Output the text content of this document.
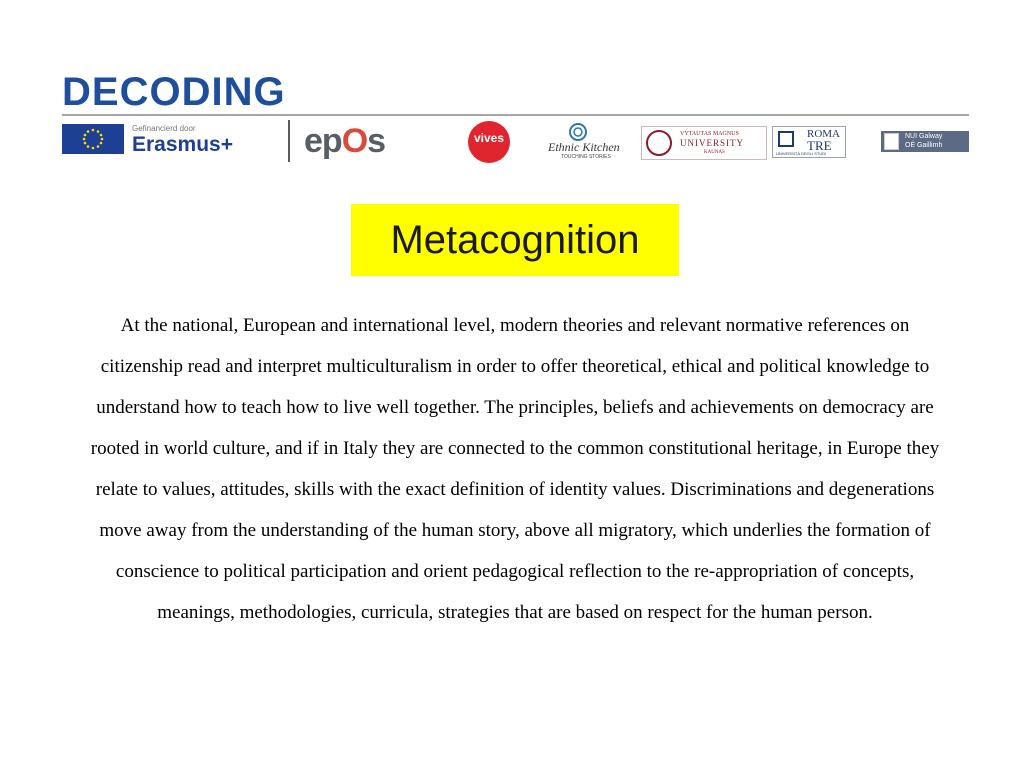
DECODING
Gefinancierd door
Erasmus+ epOs	vives
Ethnic Kitchen
TOUCHING STORIES
VYTAUTAS MAGNUS
UNIVERSITY
KAUNAS
ROMA
TRE
UNIVERSITÀ DEGLI STUDI
NUI Galway
OÉ Gaillimh
Metacognition

At the national, European and international level, modern theories and relevant normative references on citizenship read and interpret multiculturalism in order to offer theoretical, ethical and political knowledge to understand how to teach how to live well together. The principles, beliefs and achievements on democracy are rooted in world culture, and if in Italy they are connected to the common constitutional heritage, in Europe they relate to values, attitudes, skills with the exact definition of identity values. Discriminations and degenerations move away from the understanding of the human story, above all migratory, which underlies the formation of conscience to political participation and orient pedagogical reflection to the re-appropriation of concepts, meanings, methodologies, curricula, strategies that are based on respect for the human person.
